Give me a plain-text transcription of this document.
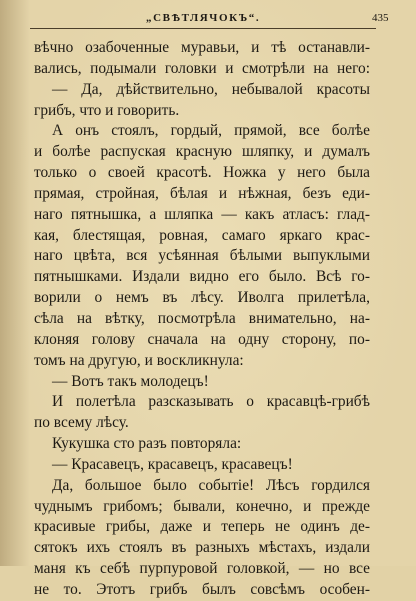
„СВѢТЛЯЧОКЪ“.	435
вѣчно озабоченные муравьи, и тѣ останавли-
вались, подымали головки и смотрѣли на него:
— Да, дѣйствительно, небывалой красоты
грибъ, что и говорить.
А онъ стоялъ, гордый, прямой, все болѣе
и болѣе распуская красную шляпку, и думалъ
только о своей красотѣ. Ножка у него была
прямая, стройная, бѣлая и нѣжная, безъ еди-
наго пятнышка, а шляпка — какъ атласъ: глад-
кая, блестящая, ровная, самаго яркаго крас-
наго цвѣта, вся усѣянная бѣлыми выпуклыми
пятнышками. Издали видно его было. Всѣ го-
ворили о немъ въ лѣсу. Иволга прилетѣла,
сѣла на вѣтку, посмотрѣла внимательно, на-
клоняя голову сначала на одну сторону, по-
томъ на другую, и воскликнула:
— Вотъ такъ молодецъ!
И полетѣла разсказывать о красавцѣ-грибѣ
по всему лѣсу.
Кукушка сто разъ повторяла:
— Красавецъ, красавецъ, красавецъ!
Да, большое было событіе! Лѣсъ гордился
чуднымъ грибомъ; бывали, конечно, и прежде
красивые грибы, даже и теперь не одинъ де-
сятокъ ихъ стоялъ въ разныхъ мѣстахъ, издали
маня къ себѣ пурпуровой головкой, — но все
не то. Этотъ грибъ былъ совсѣмъ особен-
